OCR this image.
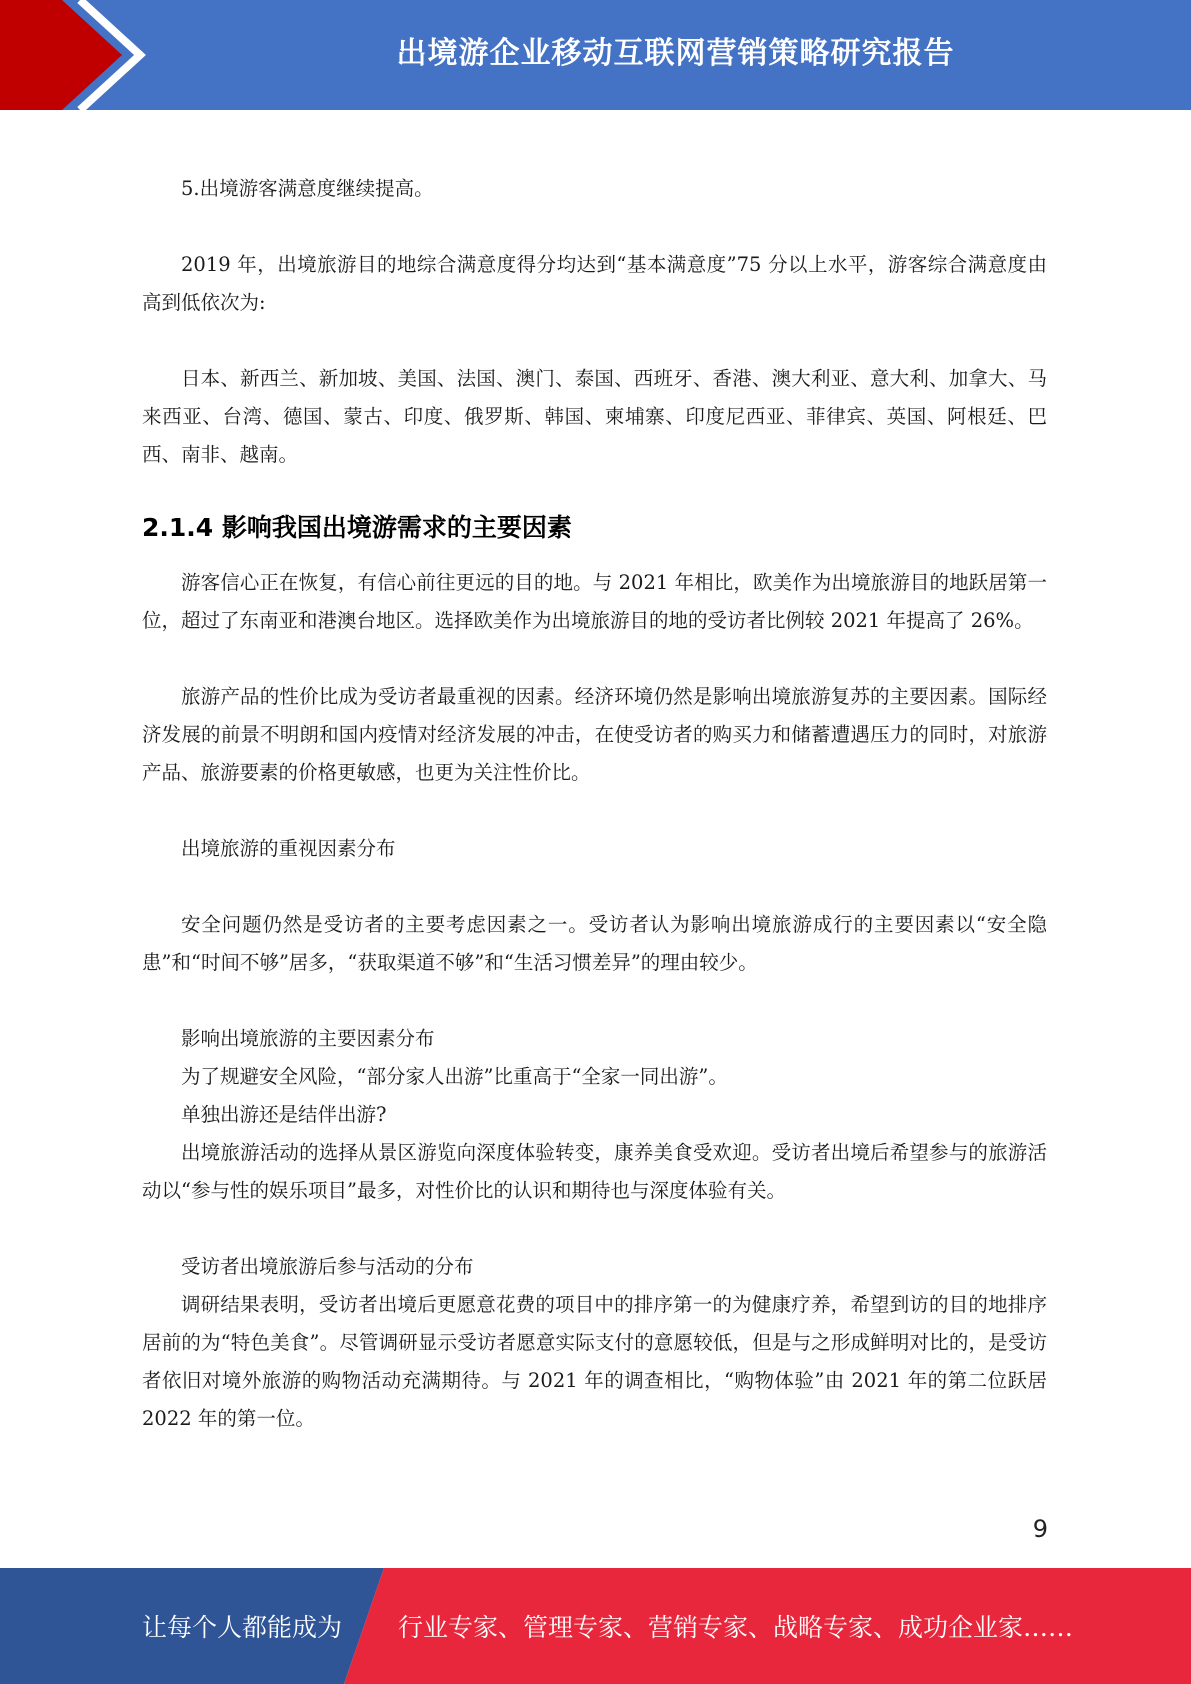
出境游企业移动互联网营销策略研究报告

5.出境游客满意度继续提高。

2019 年，出境旅游目的地综合满意度得分均达到“基本满意度”75 分以上水平，游客综合满意度由高到低依次为:

日本、新西兰、新加坡、美国、法国、澳门、泰国、西班牙、香港、澳大利亚、意大利、加拿大、马来西亚、台湾、德国、蒙古、印度、俄罗斯、韩国、柬埔寨、印度尼西亚、菲律宾、英国、阿根廷、巴西、南非、越南。

2.1.4 影响我国出境游需求的主要因素

游客信心正在恢复，有信心前往更远的目的地。与 2021 年相比，欧美作为出境旅游目的地跃居第一位，超过了东南亚和港澳台地区。选择欧美作为出境旅游目的地的受访者比例较 2021 年提高了 26%。

旅游产品的性价比成为受访者最重视的因素。经济环境仍然是影响出境旅游复苏的主要因素。国际经济发展的前景不明朗和国内疫情对经济发展的冲击，在使受访者的购买力和储蓄遭遇压力的同时，对旅游产品、旅游要素的价格更敏感，也更为关注性价比。

出境旅游的重视因素分布

安全问题仍然是受访者的主要考虑因素之一。受访者认为影响出境旅游成行的主要因素以“安全隐患”和“时间不够”居多，“获取渠道不够”和“生活习惯差异”的理由较少。

影响出境旅游的主要因素分布

为了规避安全风险，“部分家人出游”比重高于“全家一同出游”。

单独出游还是结伴出游?

出境旅游活动的选择从景区游览向深度体验转变，康养美食受欢迎。受访者出境后希望参与的旅游活动以“参与性的娱乐项目”最多，对性价比的认识和期待也与深度体验有关。

受访者出境旅游后参与活动的分布

调研结果表明，受访者出境后更愿意花费的项目中的排序第一的为健康疗养，希望到访的目的地排序居前的为“特色美食”。尽管调研显示受访者愿意实际支付的意愿较低，但是与之形成鲜明对比的，是受访者依旧对境外旅游的购物活动充满期待。与 2021 年的调查相比，“购物体验”由 2021 年的第二位跃居 2022 年的第一位。

9
让每个人都能成为 行业专家、管理专家、营销专家、战略专家、成功企业家……
